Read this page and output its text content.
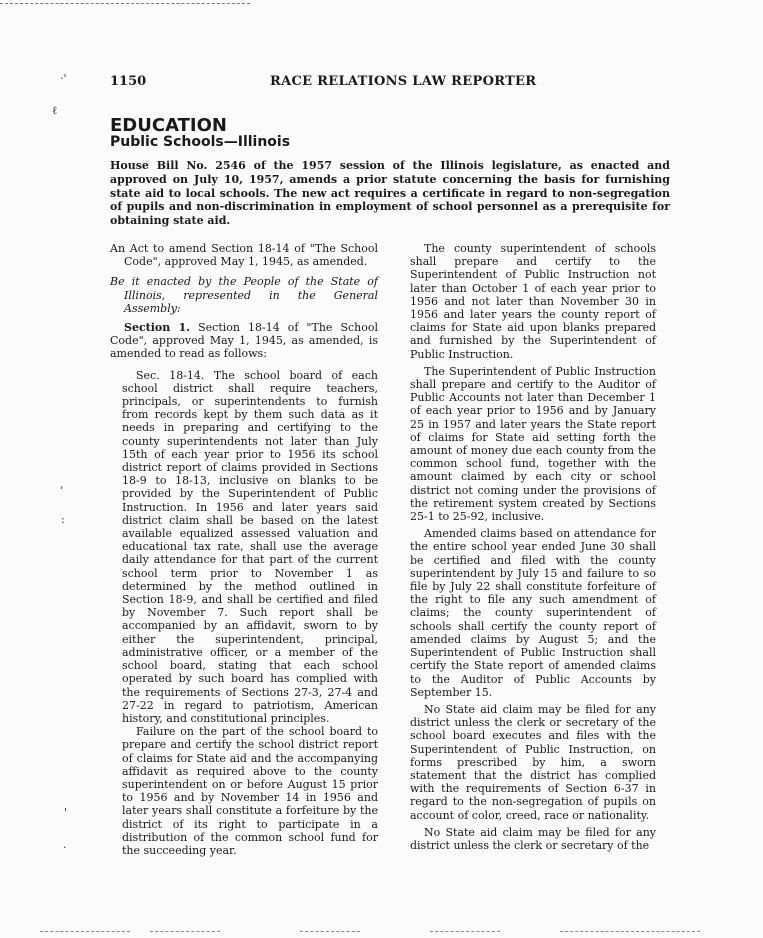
·'
ℓ
,
:
'
·
1150	RACE RELATIONS LAW REPORTER
EDUCATION
Public Schools—Illinois
House Bill No. 2546 of the 1957 session of the Illinois legislature, as enacted and approved on July 10, 1957, amends a prior statute concerning the basis for furnishing state aid to local schools. The new act requires a certificate in regard to non-segregation of pupils and non-discrimination in employment of school personnel as a prerequisite for obtaining state aid.

An Act to amend Section 18-14 of "The School Code", approved May 1, 1945, as amended.

Be it enacted by the People of the State of Illinois, represented in the General Assembly:

Section 1. Section 18-14 of "The School Code", approved May 1, 1945, as amended, is amended to read as follows:

Sec. 18-14. The school board of each school district shall require teachers, principals, or superintendents to furnish from records kept by them such data as it needs in preparing and certifying to the county superintendents not later than July 15th of each year prior to 1956 its school district report of claims provided in Sections 18-9 to 18-13, inclusive on blanks to be provided by the Superintendent of Public Instruction. In 1956 and later years said district claim shall be based on the latest available equalized assessed valuation and educational tax rate, shall use the average daily attendance for that part of the current school term prior to November 1 as determined by the method outlined in Section 18-9, and shall be certified and filed by November 7. Such report shall be accompanied by an affidavit, sworn to by either the superintendent, principal, administrative officer, or a member of the school board, stating that each school operated by such board has complied with the requirements of Sections 27-3, 27-4 and 27-22 in regard to patriotism, American history, and constitutional principles.

Failure on the part of the school board to prepare and certify the school district report of claims for State aid and the accompanying affidavit as required above to the county superintendent on or before August 15 prior to 1956 and by November 14 in 1956 and later years shall constitute a forfeiture by the district of its right to participate in a distribution of the common school fund for the succeeding year.

The county superintendent of schools shall prepare and certify to the Superintendent of Public Instruction not later than October 1 of each year prior to 1956 and not later than November 30 in 1956 and later years the county report of claims for State aid upon blanks prepared and furnished by the Superintendent of Public Instruction.

The Superintendent of Public Instruction shall prepare and certify to the Auditor of Public Accounts not later than December 1 of each year prior to 1956 and by January 25 in 1957 and later years the State report of claims for State aid setting forth the amount of money due each county from the common school fund, together with the amount claimed by each city or school district not coming under the provisions of the retirement system created by Sections 25-1 to 25-92, inclusive.

Amended claims based on attendance for the entire school year ended June 30 shall be certified and filed with the county superintendent by July 15 and failure to so file by July 22 shall constitute forfeiture of the right to file any such amendment of claims; the county superintendent of schools shall certify the county report of amended claims by August 5; and the Superintendent of Public Instruction shall certify the State report of amended claims to the Auditor of Public Accounts by September 15.

No State aid claim may be filed for any district unless the clerk or secretary of the school board executes and files with the Superintendent of Public Instruction, on forms prescribed by him, a sworn statement that the district has complied with the requirements of Section 6-37 in regard to the non-segregation of pupils on account of color, creed, race or nationality.

No State aid claim may be filed for any district unless the clerk or secretary of the
